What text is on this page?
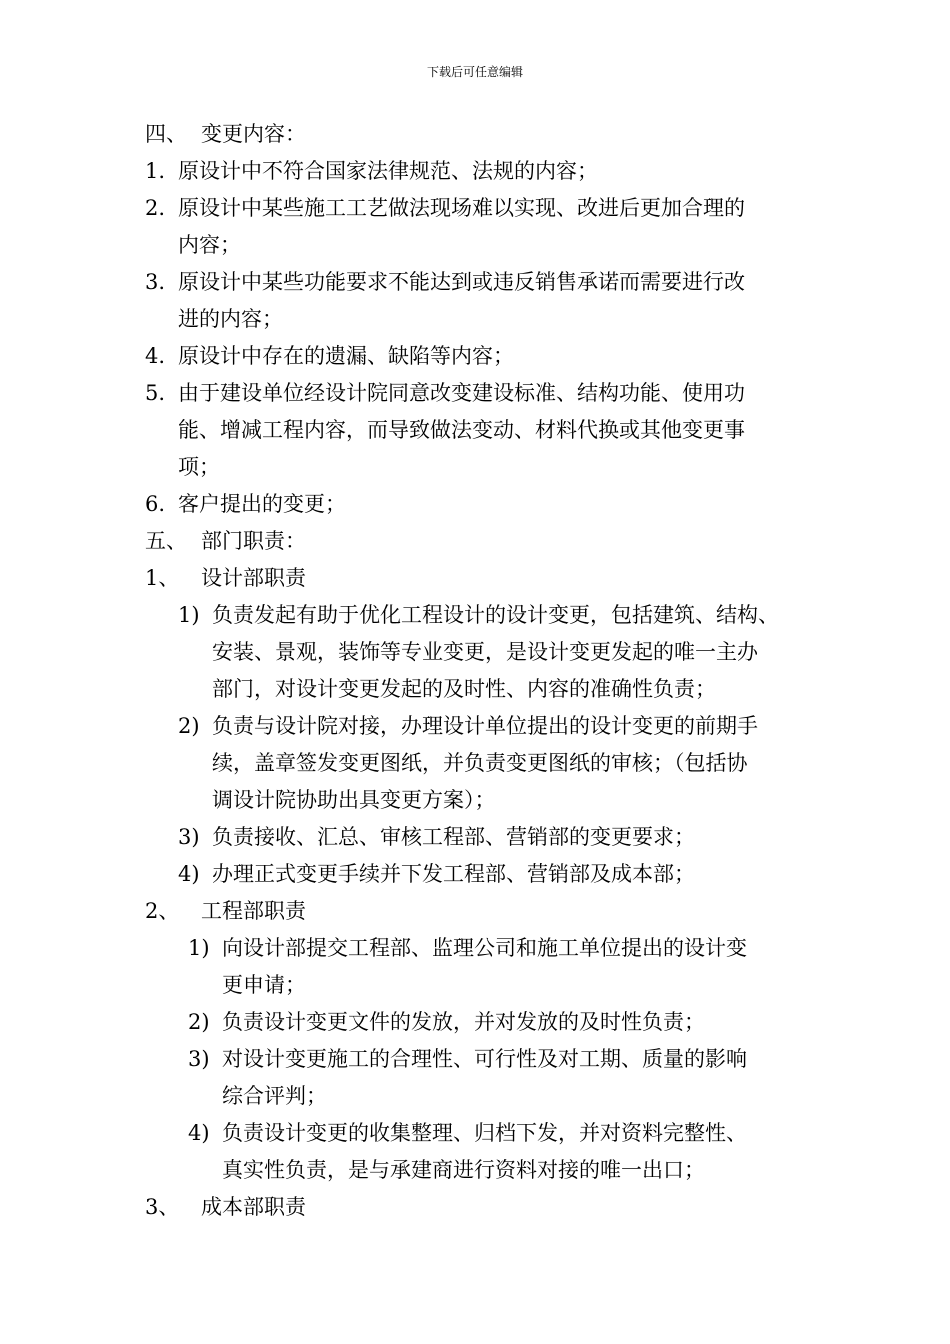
下载后可任意编辑
四、 变更内容：
1. 原设计中不符合国家法律规范、法规的内容；
2. 原设计中某些施工工艺做法现场难以实现、改进后更加合理的
内容；
3. 原设计中某些功能要求不能达到或违反销售承诺而需要进行改
进的内容；
4. 原设计中存在的遗漏、缺陷等内容；
5. 由于建设单位经设计院同意改变建设标准、结构功能、使用功
能、增减工程内容，而导致做法变动、材料代换或其他变更事
项；
6. 客户提出的变更；
五、 部门职责：
1、 设计部职责
1) 负责发起有助于优化工程设计的设计变更，包括建筑、结构、
安装、景观，装饰等专业变更，是设计变更发起的唯一主办
部门，对设计变更发起的及时性、内容的准确性负责；
2) 负责与设计院对接，办理设计单位提出的设计变更的前期手
续，盖章签发变更图纸，并负责变更图纸的审核；（包括协
调设计院协助出具变更方案）；
3) 负责接收、汇总、审核工程部、营销部的变更要求；
4) 办理正式变更手续并下发工程部、营销部及成本部；
2、 工程部职责
1) 向设计部提交工程部、监理公司和施工单位提出的设计变
更申请；
2) 负责设计变更文件的发放，并对发放的及时性负责；
3) 对设计变更施工的合理性、可行性及对工期、质量的影响
综合评判；
4) 负责设计变更的收集整理、归档下发，并对资料完整性、
真实性负责，是与承建商进行资料对接的唯一出口；
3、 成本部职责
